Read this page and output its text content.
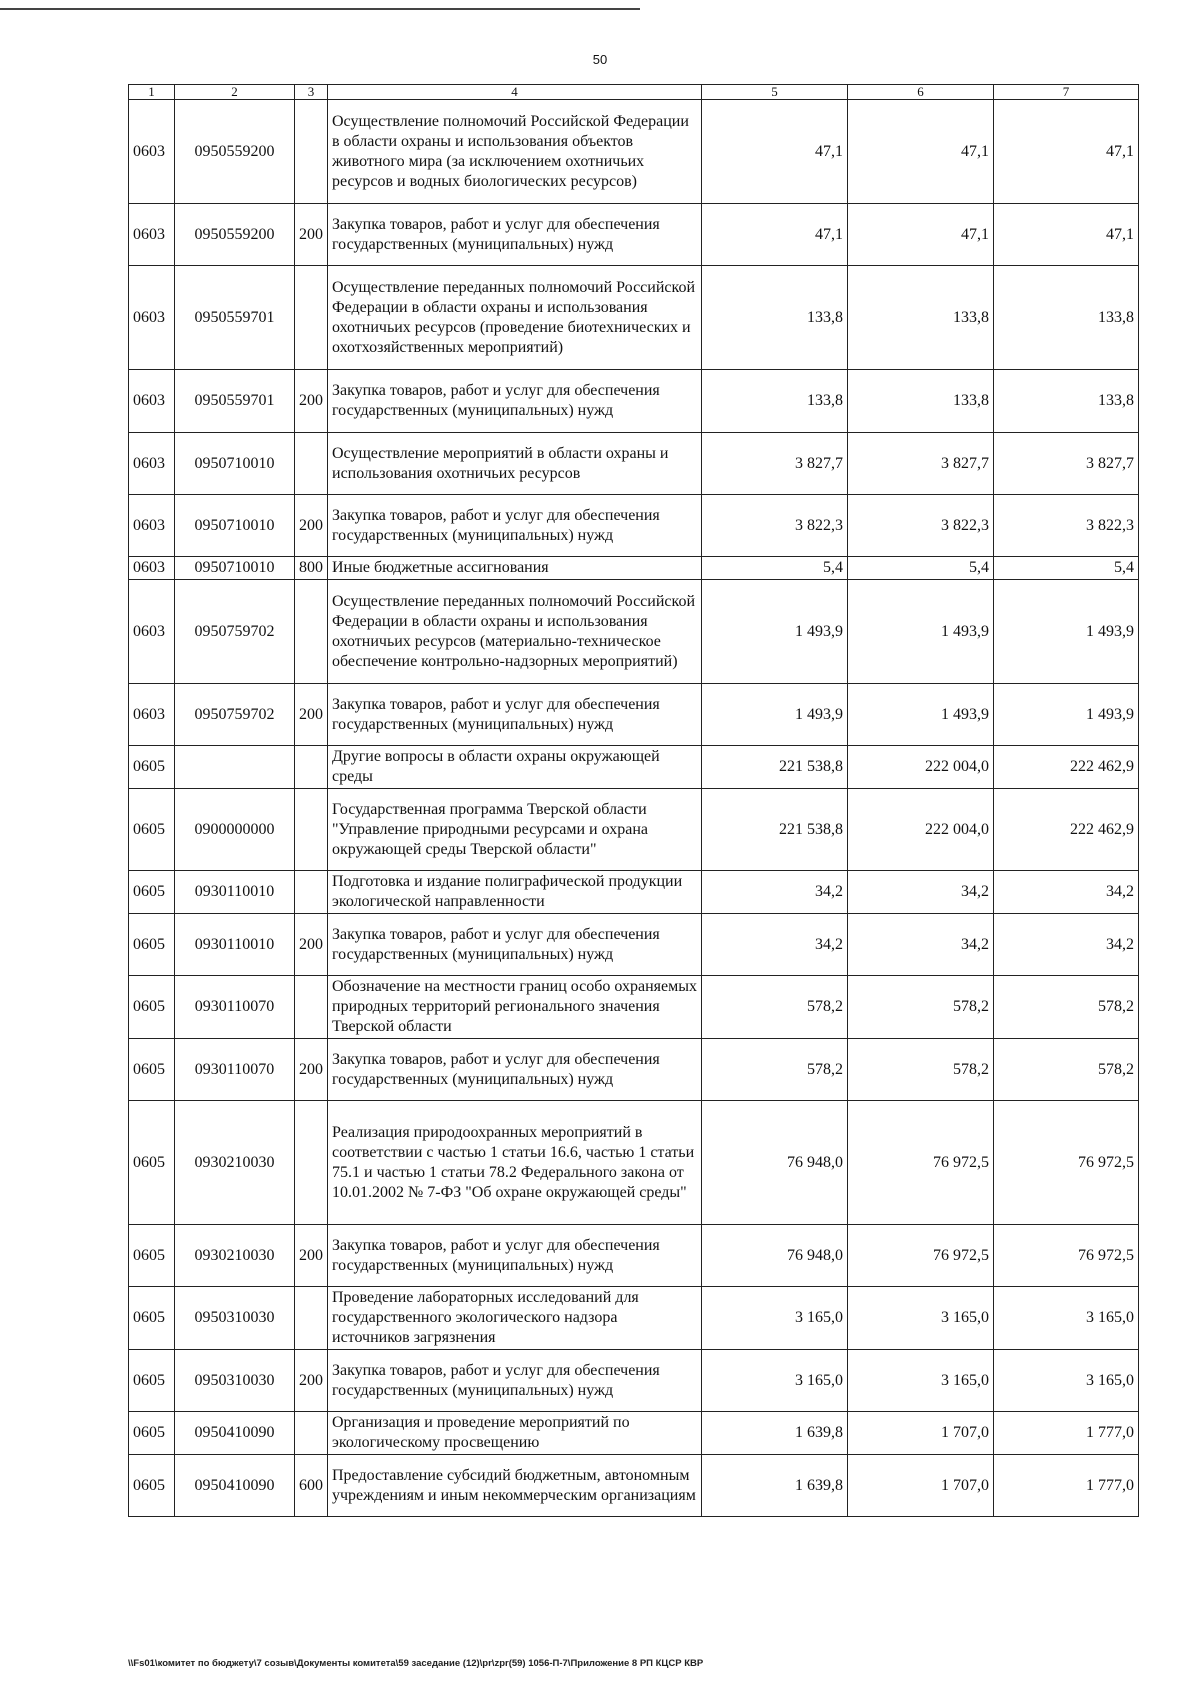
50
1	2	3	4	5	6	7
0603	0950559200		Осуществление полномочий Российской Федерации в области охраны и использования объектов животного мира (за исключением охотничьих ресурсов и водных биологических ресурсов)	47,1	47,1	47,1
0603	0950559200	200	Закупка товаров, работ и услуг для обеспечения государственных (муниципальных) нужд	47,1	47,1	47,1
0603	0950559701		Осуществление переданных полномочий Российской Федерации в области охраны и использования охотничьих ресурсов (проведение биотехнических и охотхозяйственных мероприятий)	133,8	133,8	133,8
0603	0950559701	200	Закупка товаров, работ и услуг для обеспечения государственных (муниципальных) нужд	133,8	133,8	133,8
0603	0950710010		Осуществление мероприятий в области охраны и использования охотничьих ресурсов	3 827,7	3 827,7	3 827,7
0603	0950710010	200	Закупка товаров, работ и услуг для обеспечения государственных (муниципальных) нужд	3 822,3	3 822,3	3 822,3
0603	0950710010	800	Иные бюджетные ассигнования	5,4	5,4	5,4
0603	0950759702		Осуществление переданных полномочий Российской Федерации в области охраны и использования охотничьих ресурсов (материально-техническое обеспечение контрольно-надзорных мероприятий)	1 493,9	1 493,9	1 493,9
0603	0950759702	200	Закупка товаров, работ и услуг для обеспечения государственных (муниципальных) нужд	1 493,9	1 493,9	1 493,9
0605			Другие вопросы в области охраны окружающей среды	221 538,8	222 004,0	222 462,9
0605	0900000000		Государственная программа Тверской области "Управление природными ресурсами и охрана окружающей среды Тверской области"	221 538,8	222 004,0	222 462,9
0605	0930110010		Подготовка и издание полиграфической продукции экологической направленности	34,2	34,2	34,2
0605	0930110010	200	Закупка товаров, работ и услуг для обеспечения государственных (муниципальных) нужд	34,2	34,2	34,2
0605	0930110070		Обозначение на местности границ особо охраняемых природных территорий регионального значения Тверской области	578,2	578,2	578,2
0605	0930110070	200	Закупка товаров, работ и услуг для обеспечения государственных (муниципальных) нужд	578,2	578,2	578,2
0605	0930210030		Реализация природоохранных мероприятий в соответствии с частью 1 статьи 16.6, частью 1 статьи 75.1 и частью 1 статьи 78.2 Федерального закона от 10.01.2002 № 7-ФЗ "Об охране окружающей среды"	76 948,0	76 972,5	76 972,5
0605	0930210030	200	Закупка товаров, работ и услуг для обеспечения государственных (муниципальных) нужд	76 948,0	76 972,5	76 972,5
0605	0950310030		Проведение лабораторных исследований для государственного экологического надзора источников загрязнения	3 165,0	3 165,0	3 165,0
0605	0950310030	200	Закупка товаров, работ и услуг для обеспечения государственных (муниципальных) нужд	3 165,0	3 165,0	3 165,0
0605	0950410090		Организация и проведение мероприятий по экологическому просвещению	1 639,8	1 707,0	1 777,0
0605	0950410090	600	Предоставление субсидий бюджетным, автономным учреждениям и иным некоммерческим организациям	1 639,8	1 707,0	1 777,0
\\Fs01\комитет по бюджету\7 созыв\Документы комитета\59 заседание (12)\pr\zpr(59) 1056-П-7\Приложение 8 РП КЦСР КВР
